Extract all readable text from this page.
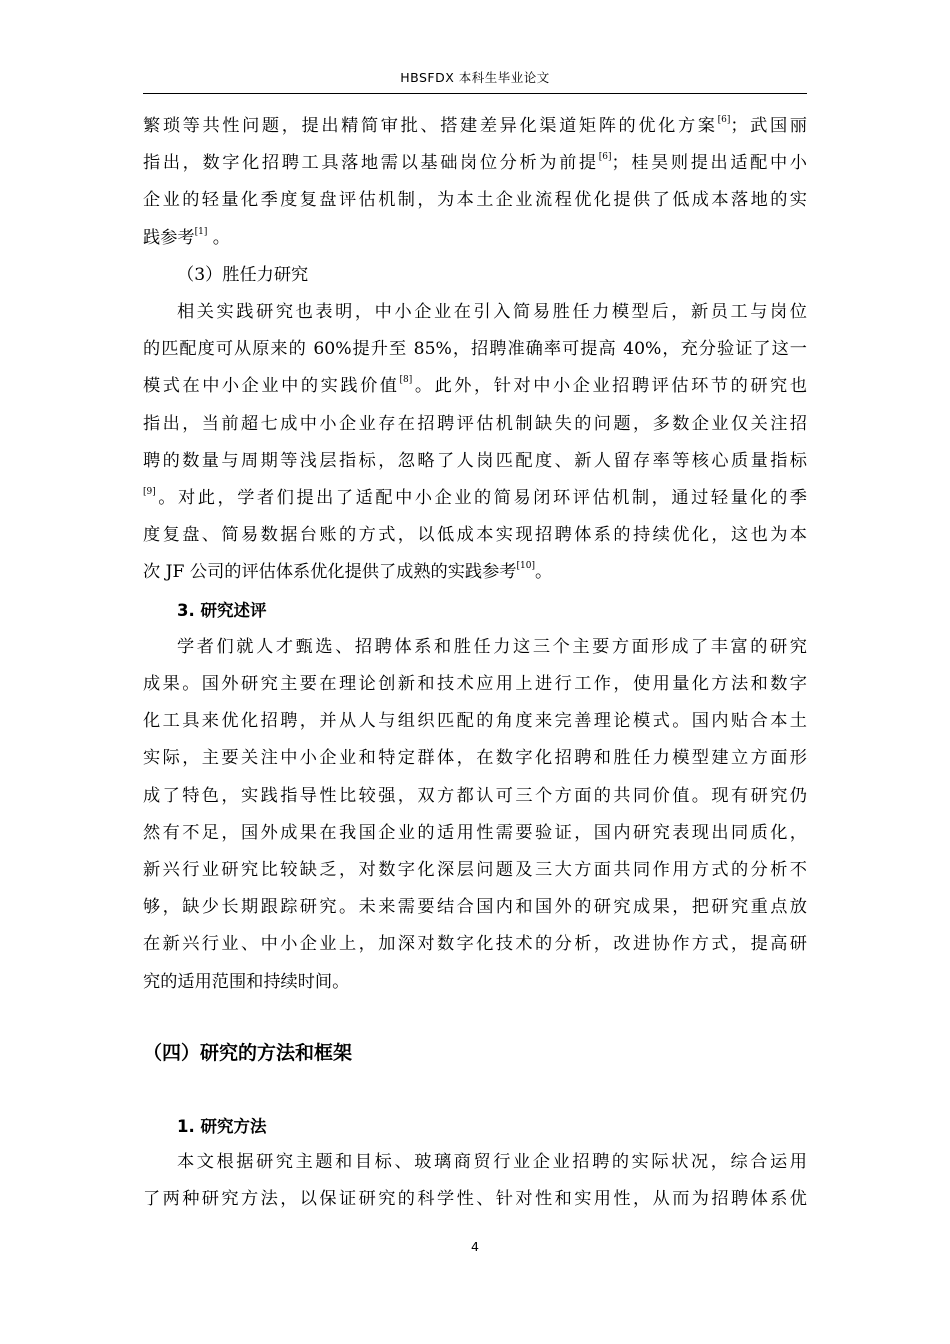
HBSFDX 本科生毕业论文
繁琐等共性问题，提出精简审批、搭建差异化渠道矩阵的优化方案[6]；武国丽
指出，数字化招聘工具落地需以基础岗位分析为前提[6]；桂昊则提出适配中小
企业的轻量化季度复盘评估机制，为本土企业流程优化提供了低成本落地的实
践参考[1] 。

（3）胜任力研究

相关实践研究也表明，中小企业在引入简易胜任力模型后，新员工与岗位
的匹配度可从原来的 60%提升至 85%，招聘准确率可提高 40%，充分验证了这一
模式在中小企业中的实践价值[8]。此外，针对中小企业招聘评估环节的研究也
指出，当前超七成中小企业存在招聘评估机制缺失的问题，多数企业仅关注招
聘的数量与周期等浅层指标，忽略了人岗匹配度、新人留存率等核心质量指标
[9]。对此，学者们提出了适配中小企业的简易闭环评估机制，通过轻量化的季
度复盘、简易数据台账的方式，以低成本实现招聘体系的持续优化，这也为本
次 JF 公司的评估体系优化提供了成熟的实践参考[10]。

3. 研究述评

学者们就人才甄选、招聘体系和胜任力这三个主要方面形成了丰富的研究
成果。国外研究主要在理论创新和技术应用上进行工作，使用量化方法和数字
化工具来优化招聘，并从人与组织匹配的角度来完善理论模式。国内贴合本土
实际，主要关注中小企业和特定群体，在数字化招聘和胜任力模型建立方面形
成了特色，实践指导性比较强，双方都认可三个方面的共同价值。现有研究仍
然有不足，国外成果在我国企业的适用性需要验证，国内研究表现出同质化，
新兴行业研究比较缺乏，对数字化深层问题及三大方面共同作用方式的分析不
够，缺少长期跟踪研究。未来需要结合国内和国外的研究成果，把研究重点放
在新兴行业、中小企业上，加深对数字化技术的分析，改进协作方式，提高研
究的适用范围和持续时间。

（四）研究的方法和框架

1. 研究方法

本文根据研究主题和目标、玻璃商贸行业企业招聘的实际状况，综合运用
了两种研究方法，以保证研究的科学性、针对性和实用性，从而为招聘体系优
4
